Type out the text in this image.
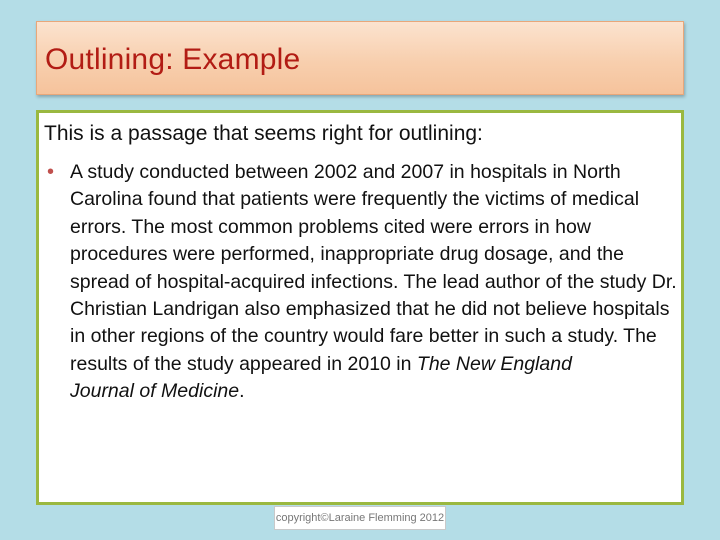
Outlining: Example
This is a passage that seems right for outlining:
• A study conducted between 2002 and 2007 in hospitals in North Carolina found that patients were frequently the victims of medical errors. The most common problems cited were errors in how procedures were performed, inappropriate drug dosage, and the spread of hospital-acquired infections. The lead author of the study Dr. Christian Landrigan also emphasized that he did not believe hospitals in other regions of the country would fare better in such a study. The results of the study appeared in 2010 in The New England
Journal of Medicine.
copyright©Laraine Flemming 2012
